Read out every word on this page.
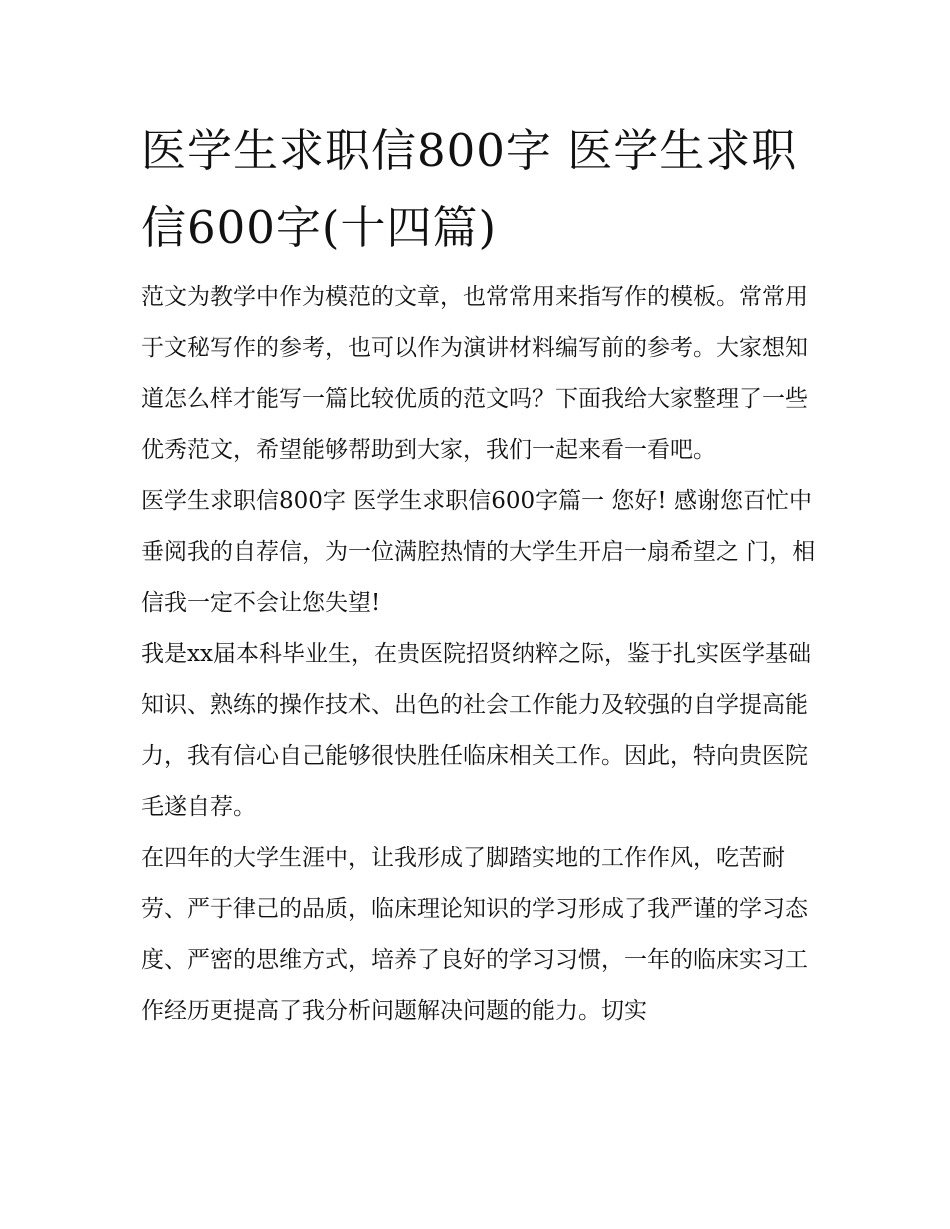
医学生求职信800字 医学生求职信600字(十四篇)

范文为教学中作为模范的文章，也常常用来指写作的模板。常常用于文秘写作的参考，也可以作为演讲材料编写前的参考。大家想知道怎么样才能写一篇比较优质的范文吗？下面我给大家整理了一些优秀范文，希望能够帮助到大家，我们一起来看一看吧。

医学生求职信800字 医学生求职信600字篇一 您好! 感谢您百忙中垂阅我的自荐信，为一位满腔热情的大学生开启一扇希望之 门，相信我一定不会让您失望!

我是xx届本科毕业生，在贵医院招贤纳粹之际，鉴于扎实医学基础知识、熟练的操作技术、出色的社会工作能力及较强的自学提高能力，我有信心自己能够很快胜任临床相关工作。因此，特向贵医院毛遂自荐。

在四年的大学生涯中，让我形成了脚踏实地的工作作风，吃苦耐劳、严于律己的品质，临床理论知识的学习形成了我严谨的学习态度、严密的思维方式，培养了良好的学习习惯，一年的临床实习工作经历更提高了我分析问题解决问题的能力。切实
